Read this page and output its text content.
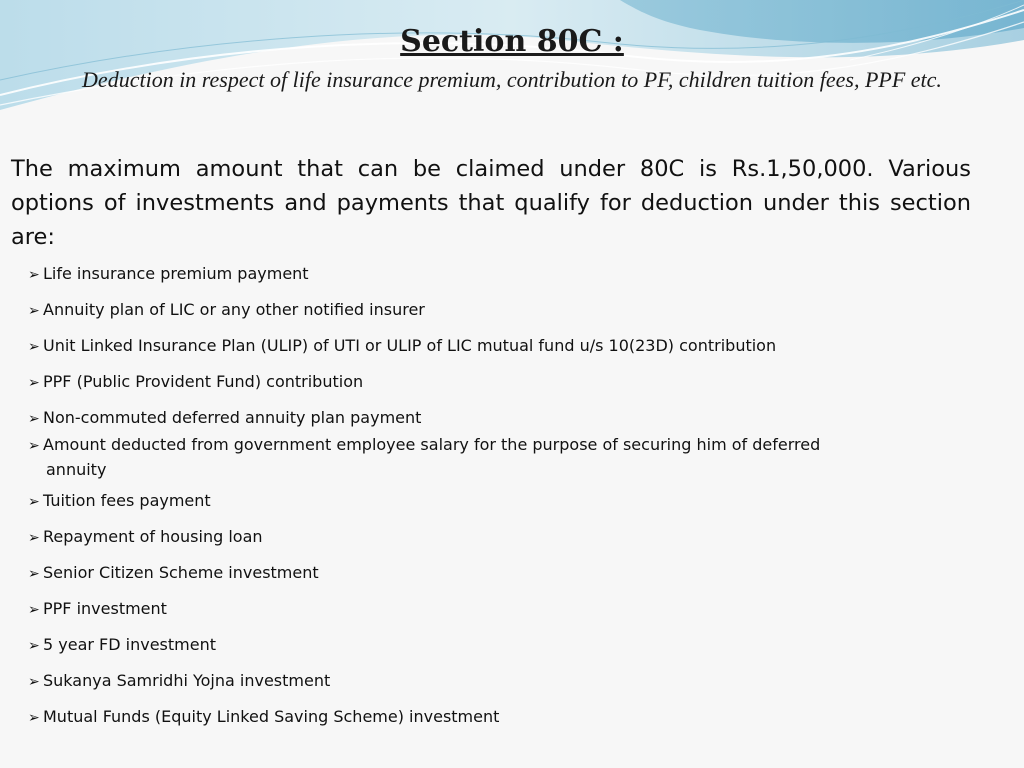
Section 80C :
Deduction in respect of life insurance premium, contribution to PF, children tuition fees, PPF etc.
The maximum amount that can be claimed under 80C is Rs.1,50,000. Various options of investments and payments that qualify for deduction under this section are:
➢ Life insurance premium payment
➢ Annuity plan of LIC or any other notified insurer
➢ Unit Linked Insurance Plan (ULIP) of UTI or ULIP of LIC mutual fund u/s 10(23D) contribution
➢ PPF (Public Provident Fund) contribution
➢ Non-commuted deferred annuity plan payment
➢ Amount deducted from government employee salary for the purpose of securing him of deferred
annuity
➢ Tuition fees payment
➢ Repayment of housing loan
➢ Senior Citizen Scheme investment
➢ PPF investment
➢ 5 year FD investment
➢ Sukanya Samridhi Yojna investment
➢ Mutual Funds (Equity Linked Saving Scheme) investment
